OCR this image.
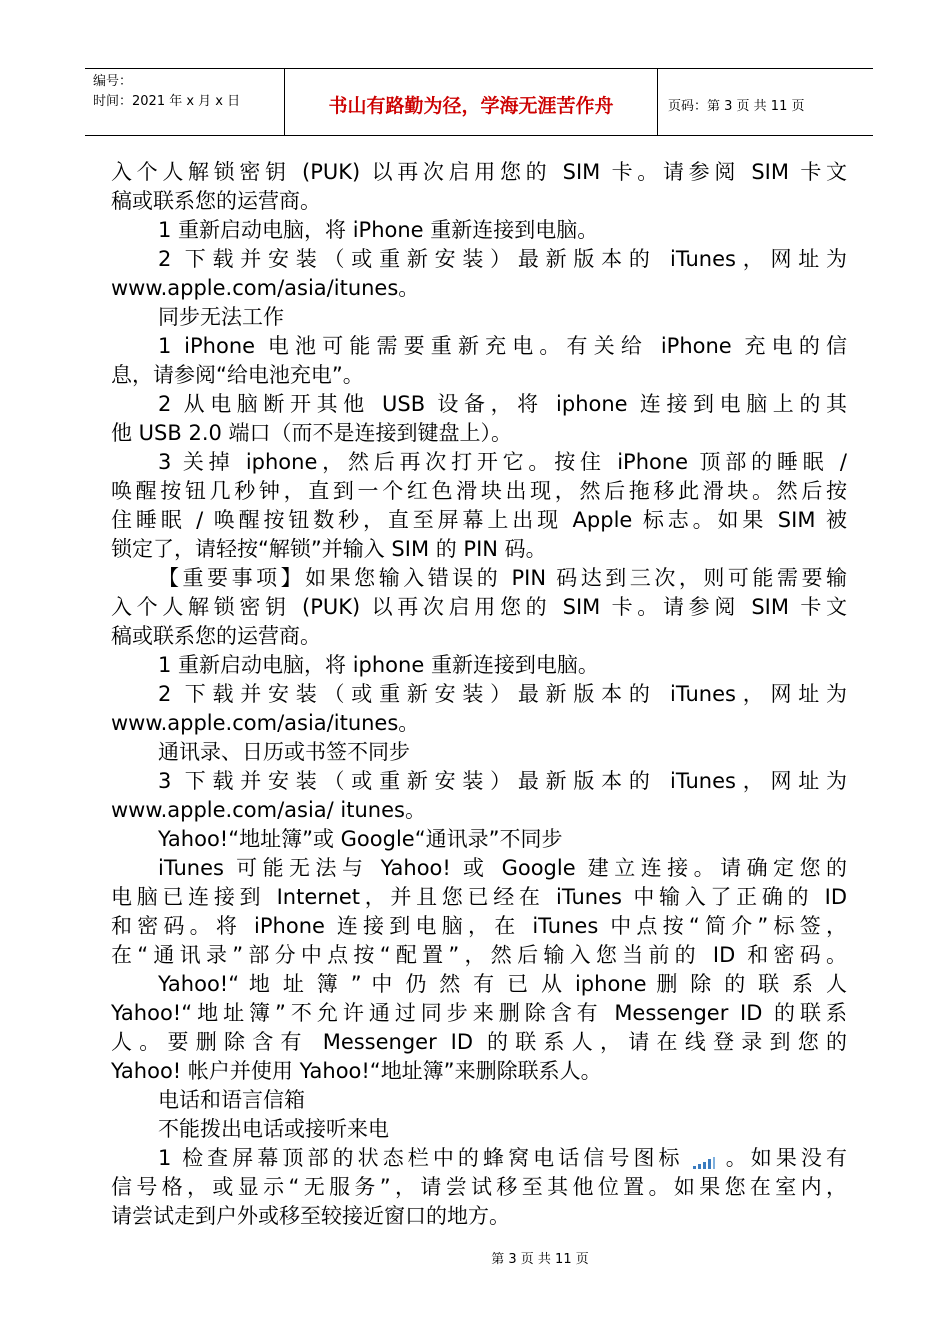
编号：
时间：2021 年 x 月 x 日	书山有路勤为径，学海无涯苦作舟	页码：第 3 页 共 11 页
入个人解锁密钥 (PUK) 以再次启用您的 SIM 卡。请参阅 SIM 卡文
稿或联系您的运营商。
1 重新启动电脑，将 iPhone 重新连接到电脑。
2 下载并安装（或重新安装）最新版本的 iTunes，网址为
www.apple.com/asia/itunes。
同步无法工作
1 iPhone 电池可能需要重新充电。有关给 iPhone 充电的信
息，请参阅“给电池充电”。
2 从电脑断开其他 USB 设备，将 iphone 连接到电脑上的其
他 USB 2.0 端口（而不是连接到键盘上）。
3 关掉 iphone，然后再次打开它。按住 iPhone 顶部的睡眠 /
唤醒按钮几秒钟，直到一个红色滑块出现，然后拖移此滑块。然后按
住睡眠 / 唤醒按钮数秒，直至屏幕上出现 Apple 标志。如果 SIM 被
锁定了，请轻按“解锁”并输入 SIM 的 PIN 码。
【重要事项】如果您输入错误的 PIN 码达到三次，则可能需要输
入个人解锁密钥 (PUK) 以再次启用您的 SIM 卡。请参阅 SIM 卡文
稿或联系您的运营商。
1 重新启动电脑，将 iphone 重新连接到电脑。
2 下载并安装（或重新安装）最新版本的 iTunes，网址为
www.apple.com/asia/itunes。
通讯录、日历或书签不同步
3 下载并安装（或重新安装）最新版本的 iTunes，网址为
www.apple.com/asia/ itunes。
Yahoo!“地址簿”或 Google“通讯录”不同步
iTunes 可能无法与 Yahoo! 或 Google 建立连接。请确定您的
电脑已连接到 Internet，并且您已经在 iTunes 中输入了正确的 ID
和密码。将 iPhone 连接到电脑，在 iTunes 中点按“简介”标签，
在“通讯录”部分中点按“配置”，然后输入您当前的 ID 和密码。
Yahoo!“ 地 址 簿 ” 中 仍 然 有 已 从 iphone 删 除 的 联 系 人
Yahoo!“地址簿”不允许通过同步来删除含有 Messenger ID 的联系
人。要删除含有 Messenger ID 的联系人，请在线登录到您的
Yahoo! 帐户并使用 Yahoo!“地址簿”来删除联系人。
电话和语言信箱
不能拨出电话或接听来电
1 检查屏幕顶部的状态栏中的蜂窝电话信号图标 。如果没有
信号格，或显示“无服务”，请尝试移至其他位置。如果您在室内，
请尝试走到户外或移至较接近窗口的地方。
第 3 页 共 11 页
